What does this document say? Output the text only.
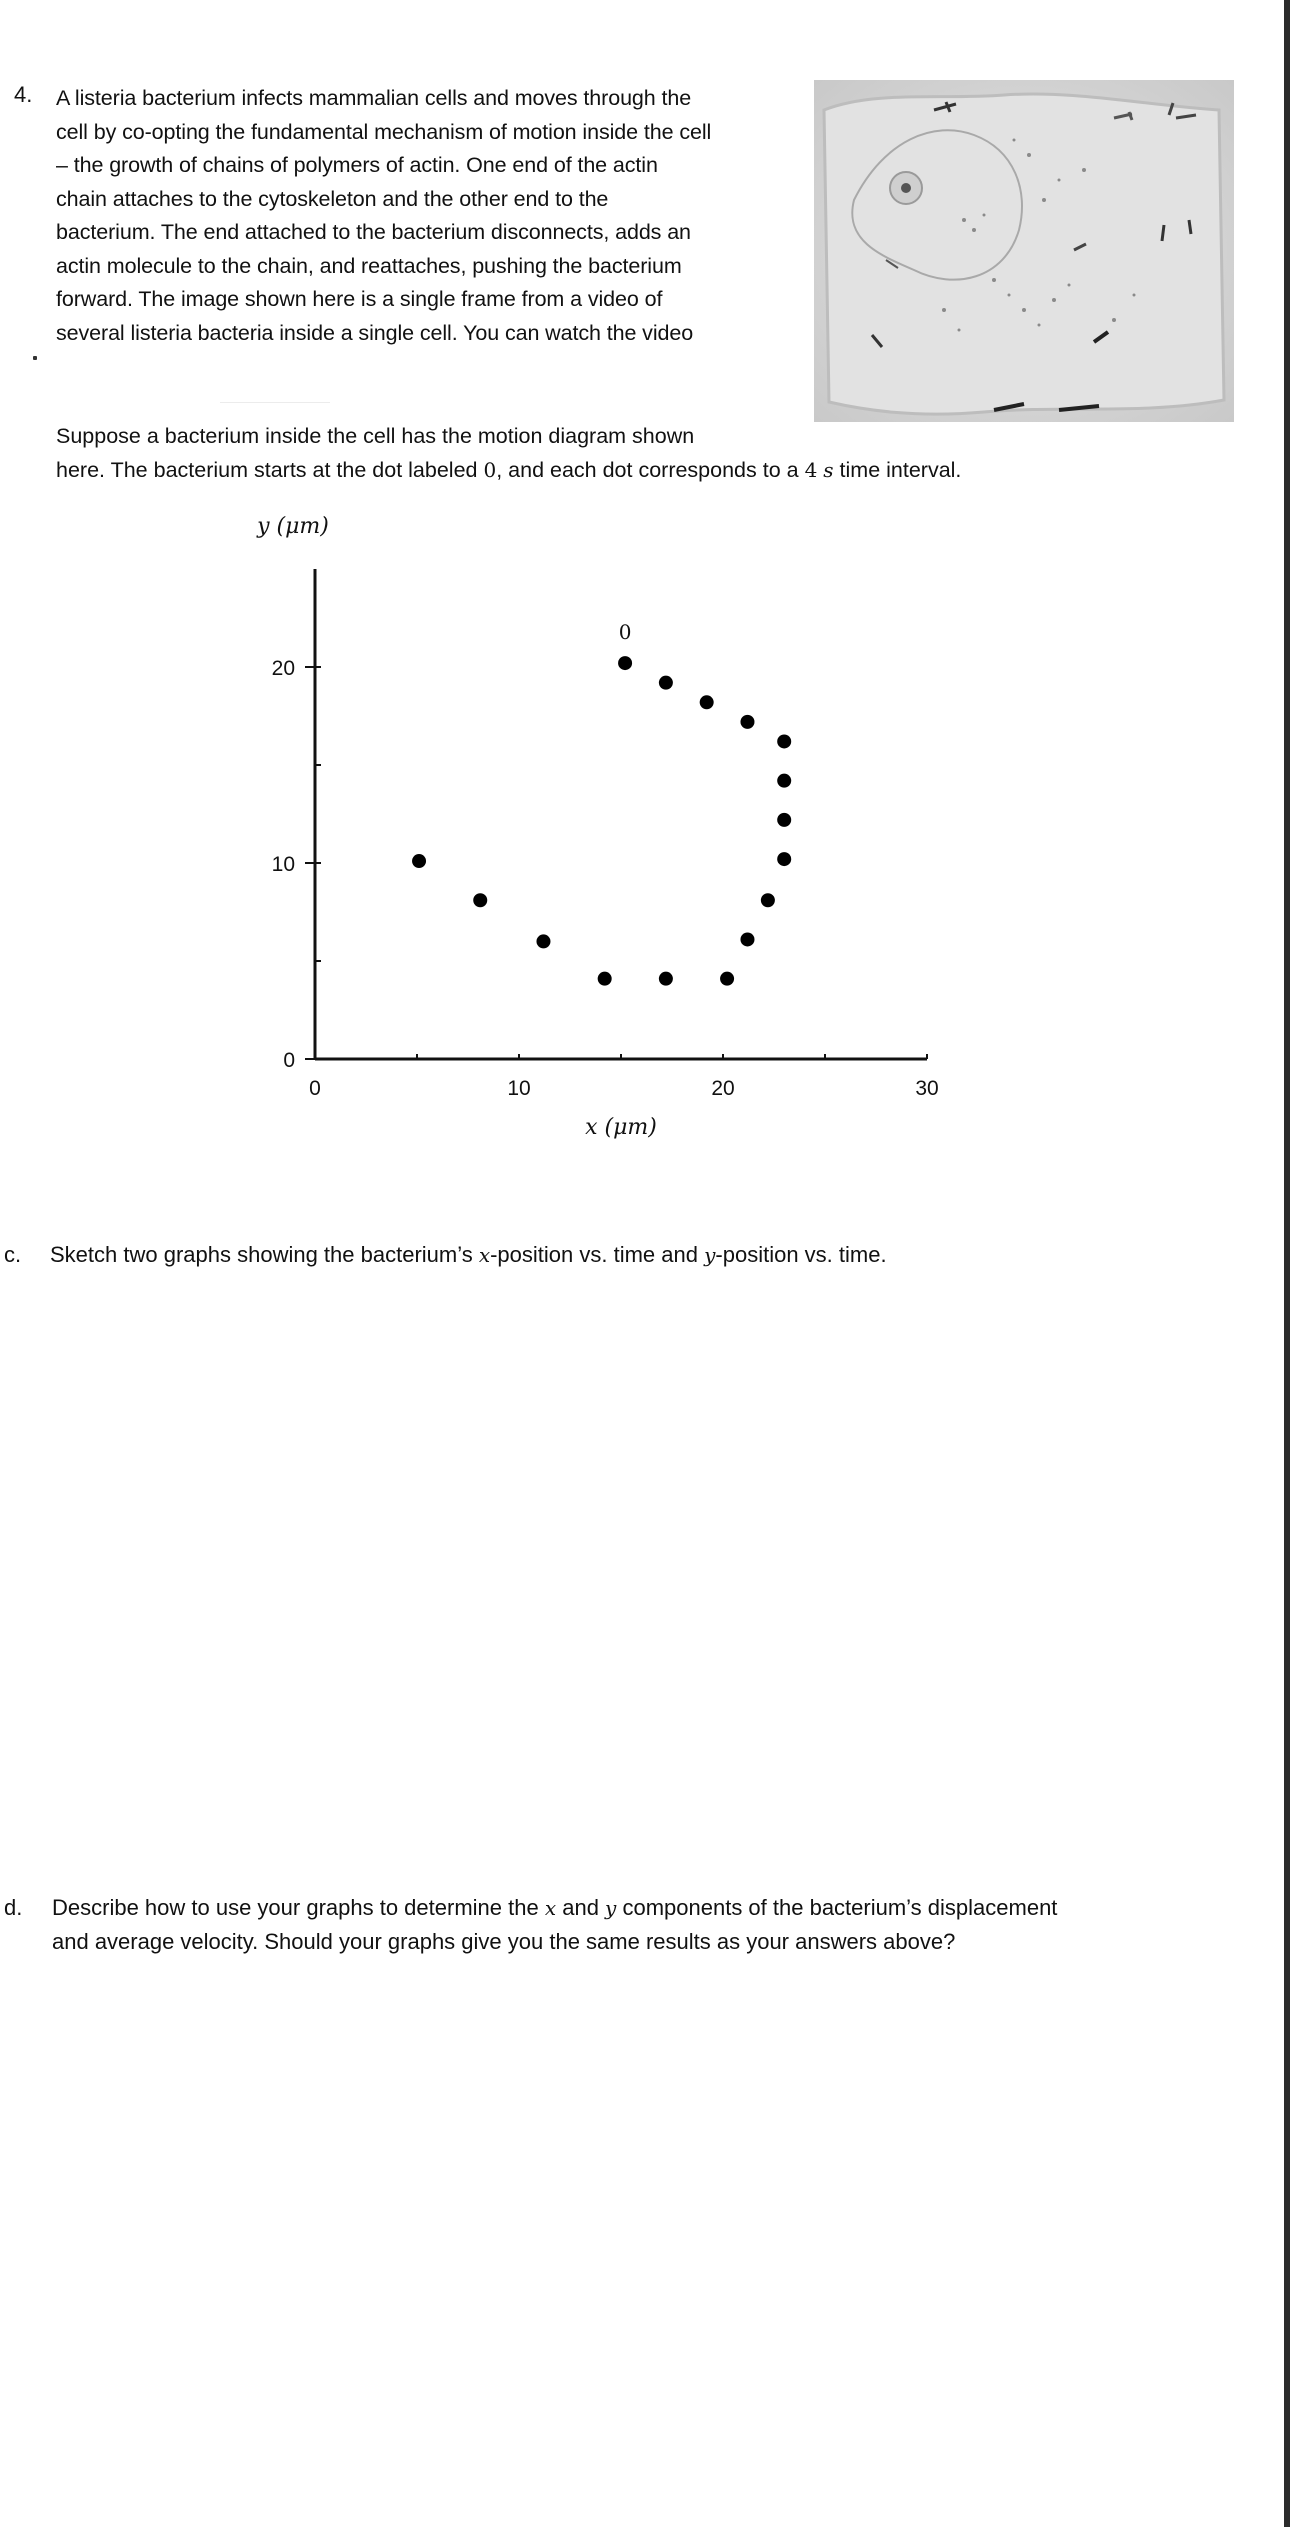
4. A listeria bacterium infects mammalian cells and moves through the

cell by co-opting the fundamental mechanism of motion inside the cell

– the growth of chains of polymers of actin. One end of the actin

chain attaches to the cytoskeleton and the other end to the

bacterium. The end attached to the bacterium disconnects, adds an

actin molecule to the chain, and reattaches, pushing the bacterium

forward. The image shown here is a single frame from a video of

several listeria bacteria inside a single cell. You can watch the video

Suppose a bacterium inside the cell has the motion diagram shown

here. The bacterium starts at the dot labeled 0, and each dot corresponds to a 4 s time interval.

0	10	20	30
0
10
20
x (μm)
y (μm)
0
c. Sketch two graphs showing the bacterium’s x-position vs. time and y-position vs. time.
d.	Describe how to use your graphs to determine the x and y components of the bacterium’s displacement

and average velocity. Should your graphs give you the same results as your answers above?
